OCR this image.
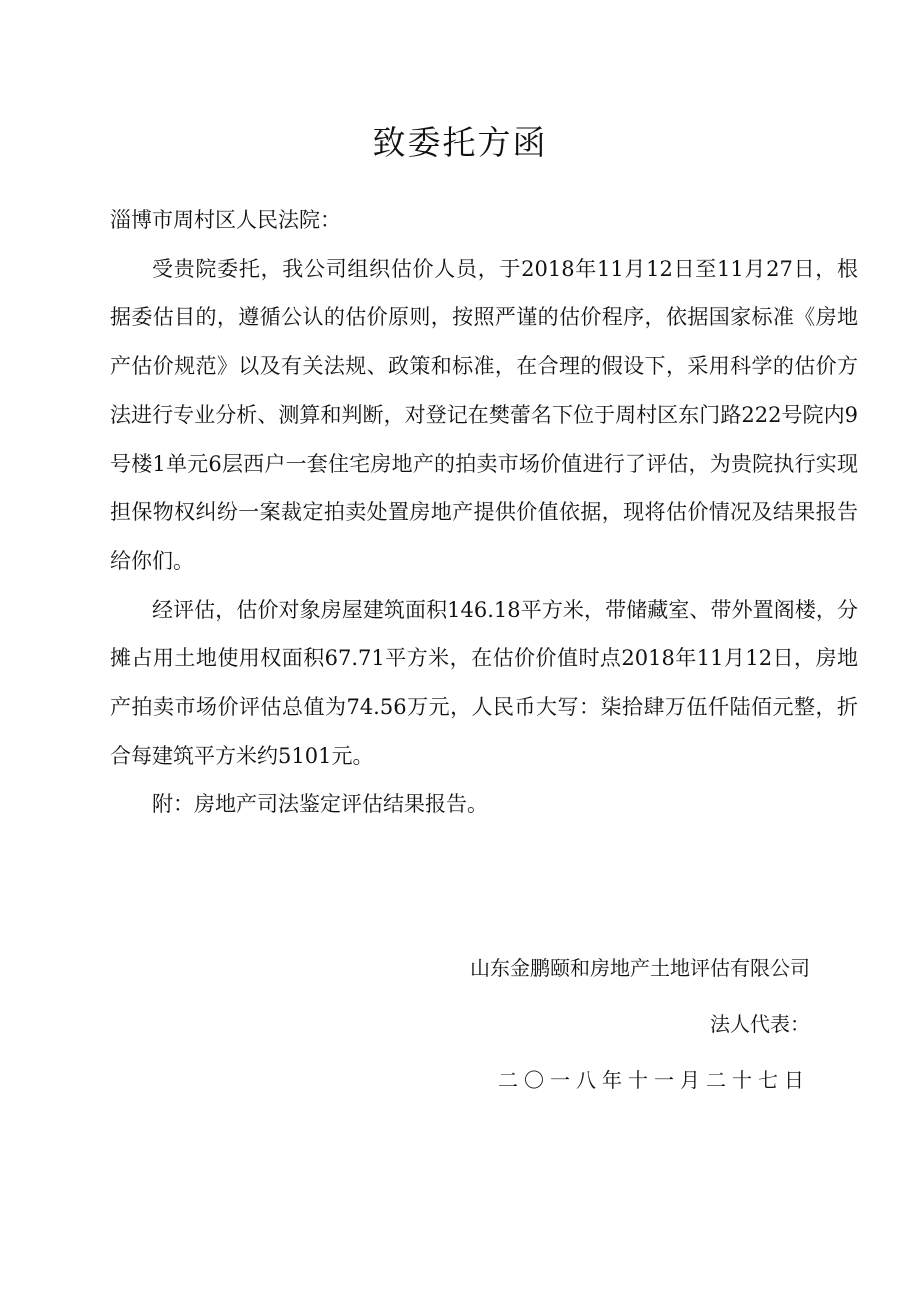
致委托方函

淄博市周村区人民法院：

受贵院委托，我公司组织估价人员，于2018年11月12日至11月27日，根据委估目的，遵循公认的估价原则，按照严谨的估价程序，依据国家标准《房地产估价规范》以及有关法规、政策和标准，在合理的假设下，采用科学的估价方法进行专业分析、测算和判断，对登记在樊蕾名下位于周村区东门路222号院内9号楼1单元6层西户一套住宅房地产的拍卖市场价值进行了评估，为贵院执行实现担保物权纠纷一案裁定拍卖处置房地产提供价值依据，现将估价情况及结果报告给你们。

经评估，估价对象房屋建筑面积146.18平方米，带储藏室、带外置阁楼，分摊占用土地使用权面积67.71平方米，在估价价值时点2018年11月12日，房地产拍卖市场价评估总值为74.56万元，人民币大写：柒拾肆万伍仟陆佰元整，折合每建筑平方米约5101元。

附：房地产司法鉴定评估结果报告。

山东金鹏颐和房地产土地评估有限公司
法人代表：
二〇一八年十一月二十七日
